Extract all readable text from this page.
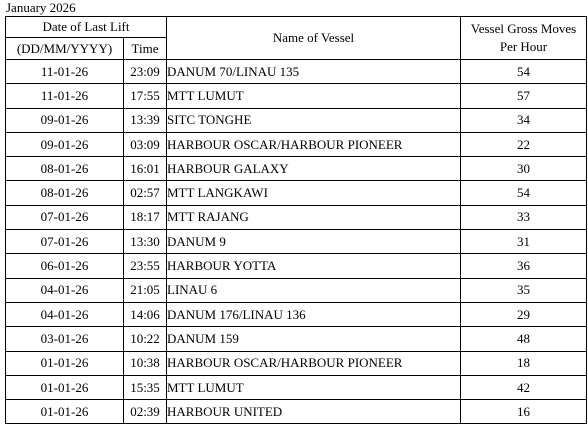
January 2026
Date of Last Lift		Name of Vessel	Vessel Gross Moves
Per Hour
(DD/MM/YYYY)	Time		
11-01-26	23:09	DANUM 70/LINAU 135	54
11-01-26	17:55	MTT LUMUT	57
09-01-26	13:39	SITC TONGHE	34
09-01-26	03:09	HARBOUR OSCAR/HARBOUR PIONEER	22
08-01-26	16:01	HARBOUR GALAXY	30
08-01-26	02:57	MTT LANGKAWI	54
07-01-26	18:17	MTT RAJANG	33
07-01-26	13:30	DANUM 9	31
06-01-26	23:55	HARBOUR YOTTA	36
04-01-26	21:05	LINAU 6	35
04-01-26	14:06	DANUM 176/LINAU 136	29
03-01-26	10:22	DANUM 159	48
01-01-26	10:38	HARBOUR OSCAR/HARBOUR PIONEER	18
01-01-26	15:35	MTT LUMUT	42
01-01-26	02:39	HARBOUR UNITED	16
